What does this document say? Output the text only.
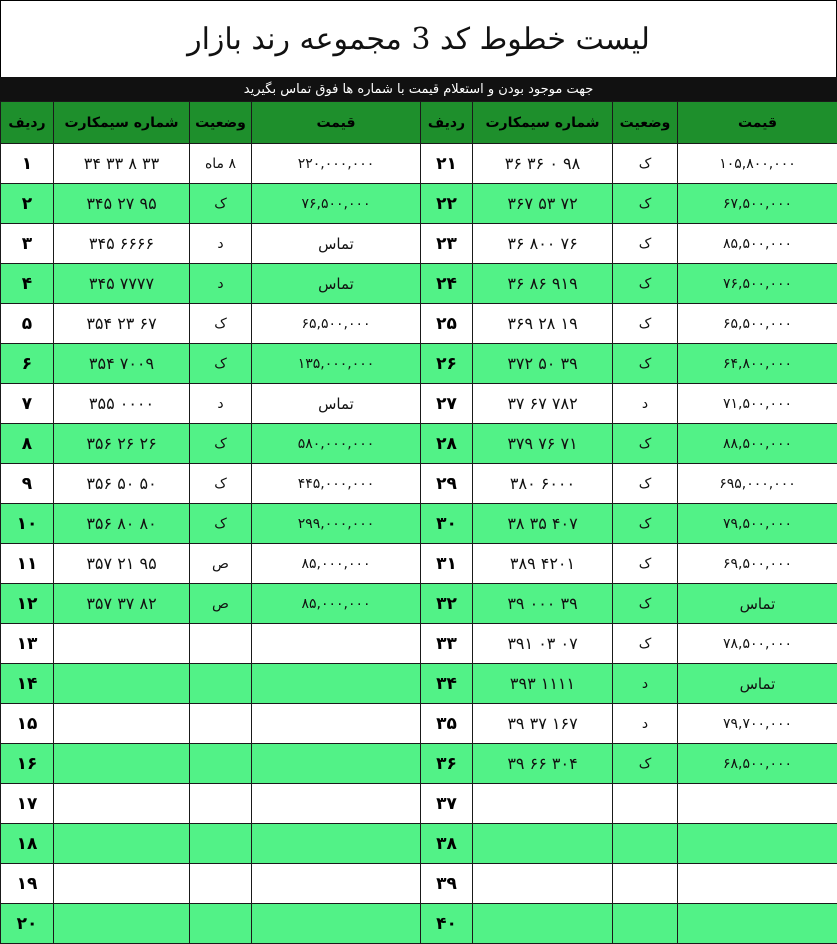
لیست خطوط کد 3 مجموعه رند بازار
جهت موجود بودن و استعلام قیمت با شماره ها فوق تماس بگیرید
ردیف	شماره سیمکارت	وضعیت	قیمت	ردیف	شماره سیمکارت	وضعیت	قیمت
۱	۳۴ ۳۳ ۸ ۳۳	۸ ماه	۲۲۰,۰۰۰,۰۰۰	۲۱	۳۶ ۳۶ ۰ ۹۸	ک	۱۰۵,۸۰۰,۰۰۰
۲	۳۴۵ ۲۷ ۹۵	ک	۷۶,۵۰۰,۰۰۰	۲۲	۳۶۷ ۵۳ ۷۲	ک	۶۷,۵۰۰,۰۰۰
۳	۳۴۵ ۶۶۶۶	د	تماس	۲۳	۳۶ ۸۰۰ ۷۶	ک	۸۵,۵۰۰,۰۰۰
۴	۳۴۵ ۷۷۷۷	د	تماس	۲۴	۳۶ ۸۶ ۹۱۹	ک	۷۶,۵۰۰,۰۰۰
۵	۳۵۴ ۲۳ ۶۷	ک	۶۵,۵۰۰,۰۰۰	۲۵	۳۶۹ ۲۸ ۱۹	ک	۶۵,۵۰۰,۰۰۰
۶	۳۵۴ ۷۰۰۹	ک	۱۳۵,۰۰۰,۰۰۰	۲۶	۳۷۲ ۵۰ ۳۹	ک	۶۴,۸۰۰,۰۰۰
۷	۳۵۵ ۰۰۰۰	د	تماس	۲۷	۳۷ ۶۷ ۷۸۲	د	۷۱,۵۰۰,۰۰۰
۸	۳۵۶ ۲۶ ۲۶	ک	۵۸۰,۰۰۰,۰۰۰	۲۸	۳۷۹ ۷۶ ۷۱	ک	۸۸,۵۰۰,۰۰۰
۹	۳۵۶ ۵۰ ۵۰	ک	۴۴۵,۰۰۰,۰۰۰	۲۹	۳۸۰ ۶۰۰۰	ک	۶۹۵,۰۰۰,۰۰۰
۱۰	۳۵۶ ۸۰ ۸۰	ک	۲۹۹,۰۰۰,۰۰۰	۳۰	۳۸ ۳۵ ۴۰۷	ک	۷۹,۵۰۰,۰۰۰
۱۱	۳۵۷ ۲۱ ۹۵	ص	۸۵,۰۰۰,۰۰۰	۳۱	۳۸۹ ۴۲۰۱	ک	۶۹,۵۰۰,۰۰۰
۱۲	۳۵۷ ۳۷ ۸۲	ص	۸۵,۰۰۰,۰۰۰	۳۲	۳۹ ۰۰۰ ۳۹	ک	تماس
۱۳				۳۳	۳۹۱ ۰۳ ۰۷	ک	۷۸,۵۰۰,۰۰۰
۱۴				۳۴	۳۹۳ ۱۱۱۱	د	تماس
۱۵				۳۵	۳۹ ۳۷ ۱۶۷	د	۷۹,۷۰۰,۰۰۰
۱۶				۳۶	۳۹ ۶۶ ۳۰۴	ک	۶۸,۵۰۰,۰۰۰
۱۷				۳۷			
۱۸				۳۸			
۱۹				۳۹			
۲۰				۴۰			
